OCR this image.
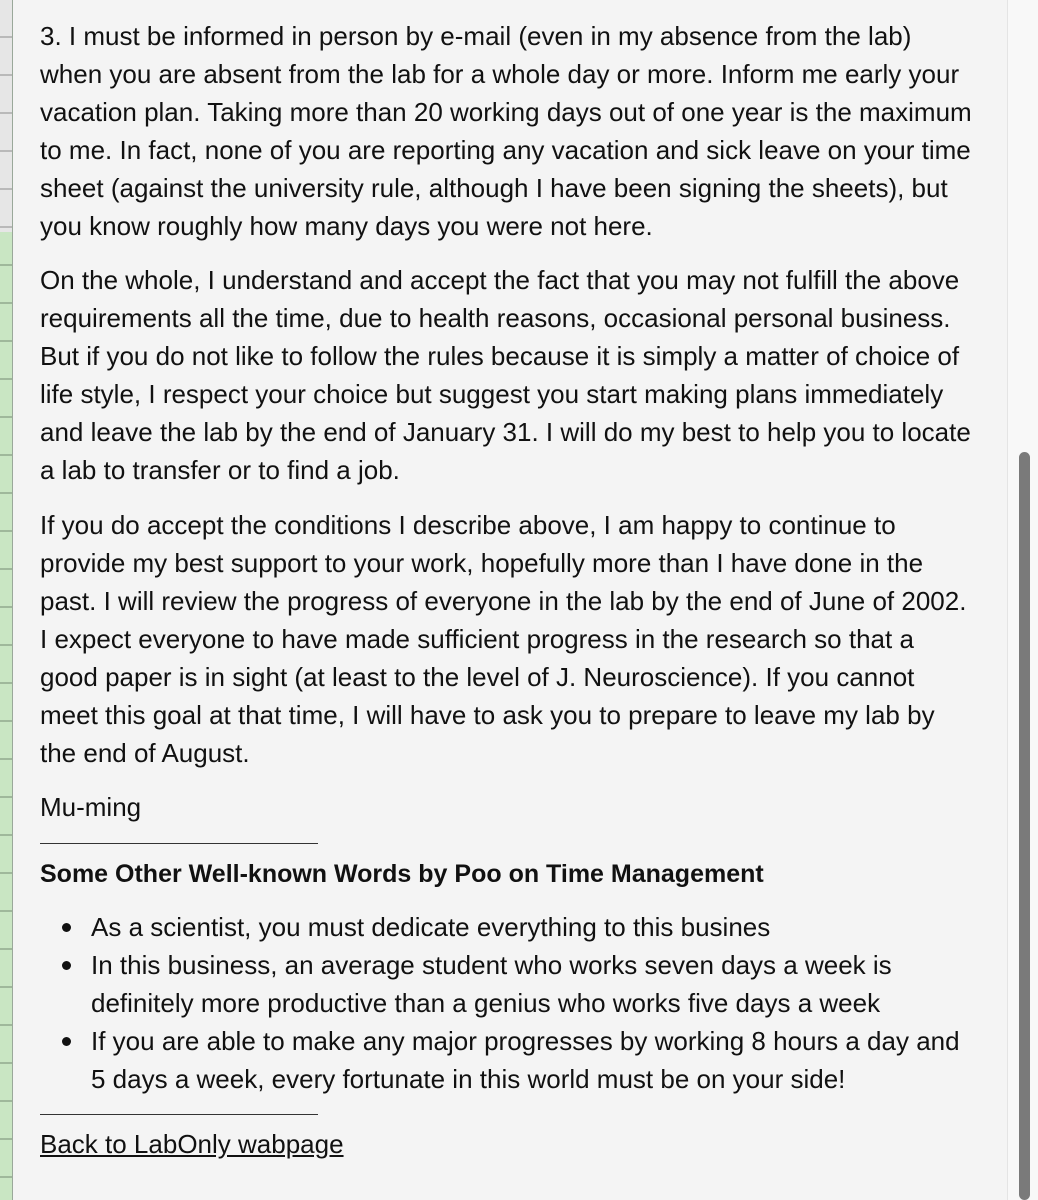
3. I must be informed in person by e-mail (even in my absence from the lab) when you are absent from the lab for a whole day or more. Inform me early your vacation plan. Taking more than 20 working days out of one year is the maximum to me. In fact, none of you are reporting any vacation and sick leave on your time sheet (against the university rule, although I have been signing the sheets), but you know roughly how many days you were not here.

On the whole, I understand and accept the fact that you may not fulfill the above requirements all the time, due to health reasons, occasional personal business. But if you do not like to follow the rules because it is simply a matter of choice of life style, I respect your choice but suggest you start making plans immediately and leave the lab by the end of January 31. I will do my best to help you to locate a lab to transfer or to find a job.

If you do accept the conditions I describe above, I am happy to continue to provide my best support to your work, hopefully more than I have done in the past. I will review the progress of everyone in the lab by the end of June of 2002. I expect everyone to have made sufficient progress in the research so that a good paper is in sight (at least to the level of J. Neuroscience). If you cannot meet this goal at that time, I will have to ask you to prepare to leave my lab by the end of August.

Mu-ming

Some Other Well-known Words by Poo on Time Management
As a scientist, you must dedicate everything to this busines
In this business, an average student who works seven days a week is definitely more productive than a genius who works five days a week
If you are able to make any major progresses by working 8 hours a day and 5 days a week, every fortunate in this world must be on your side!
Back to LabOnly wabpage
